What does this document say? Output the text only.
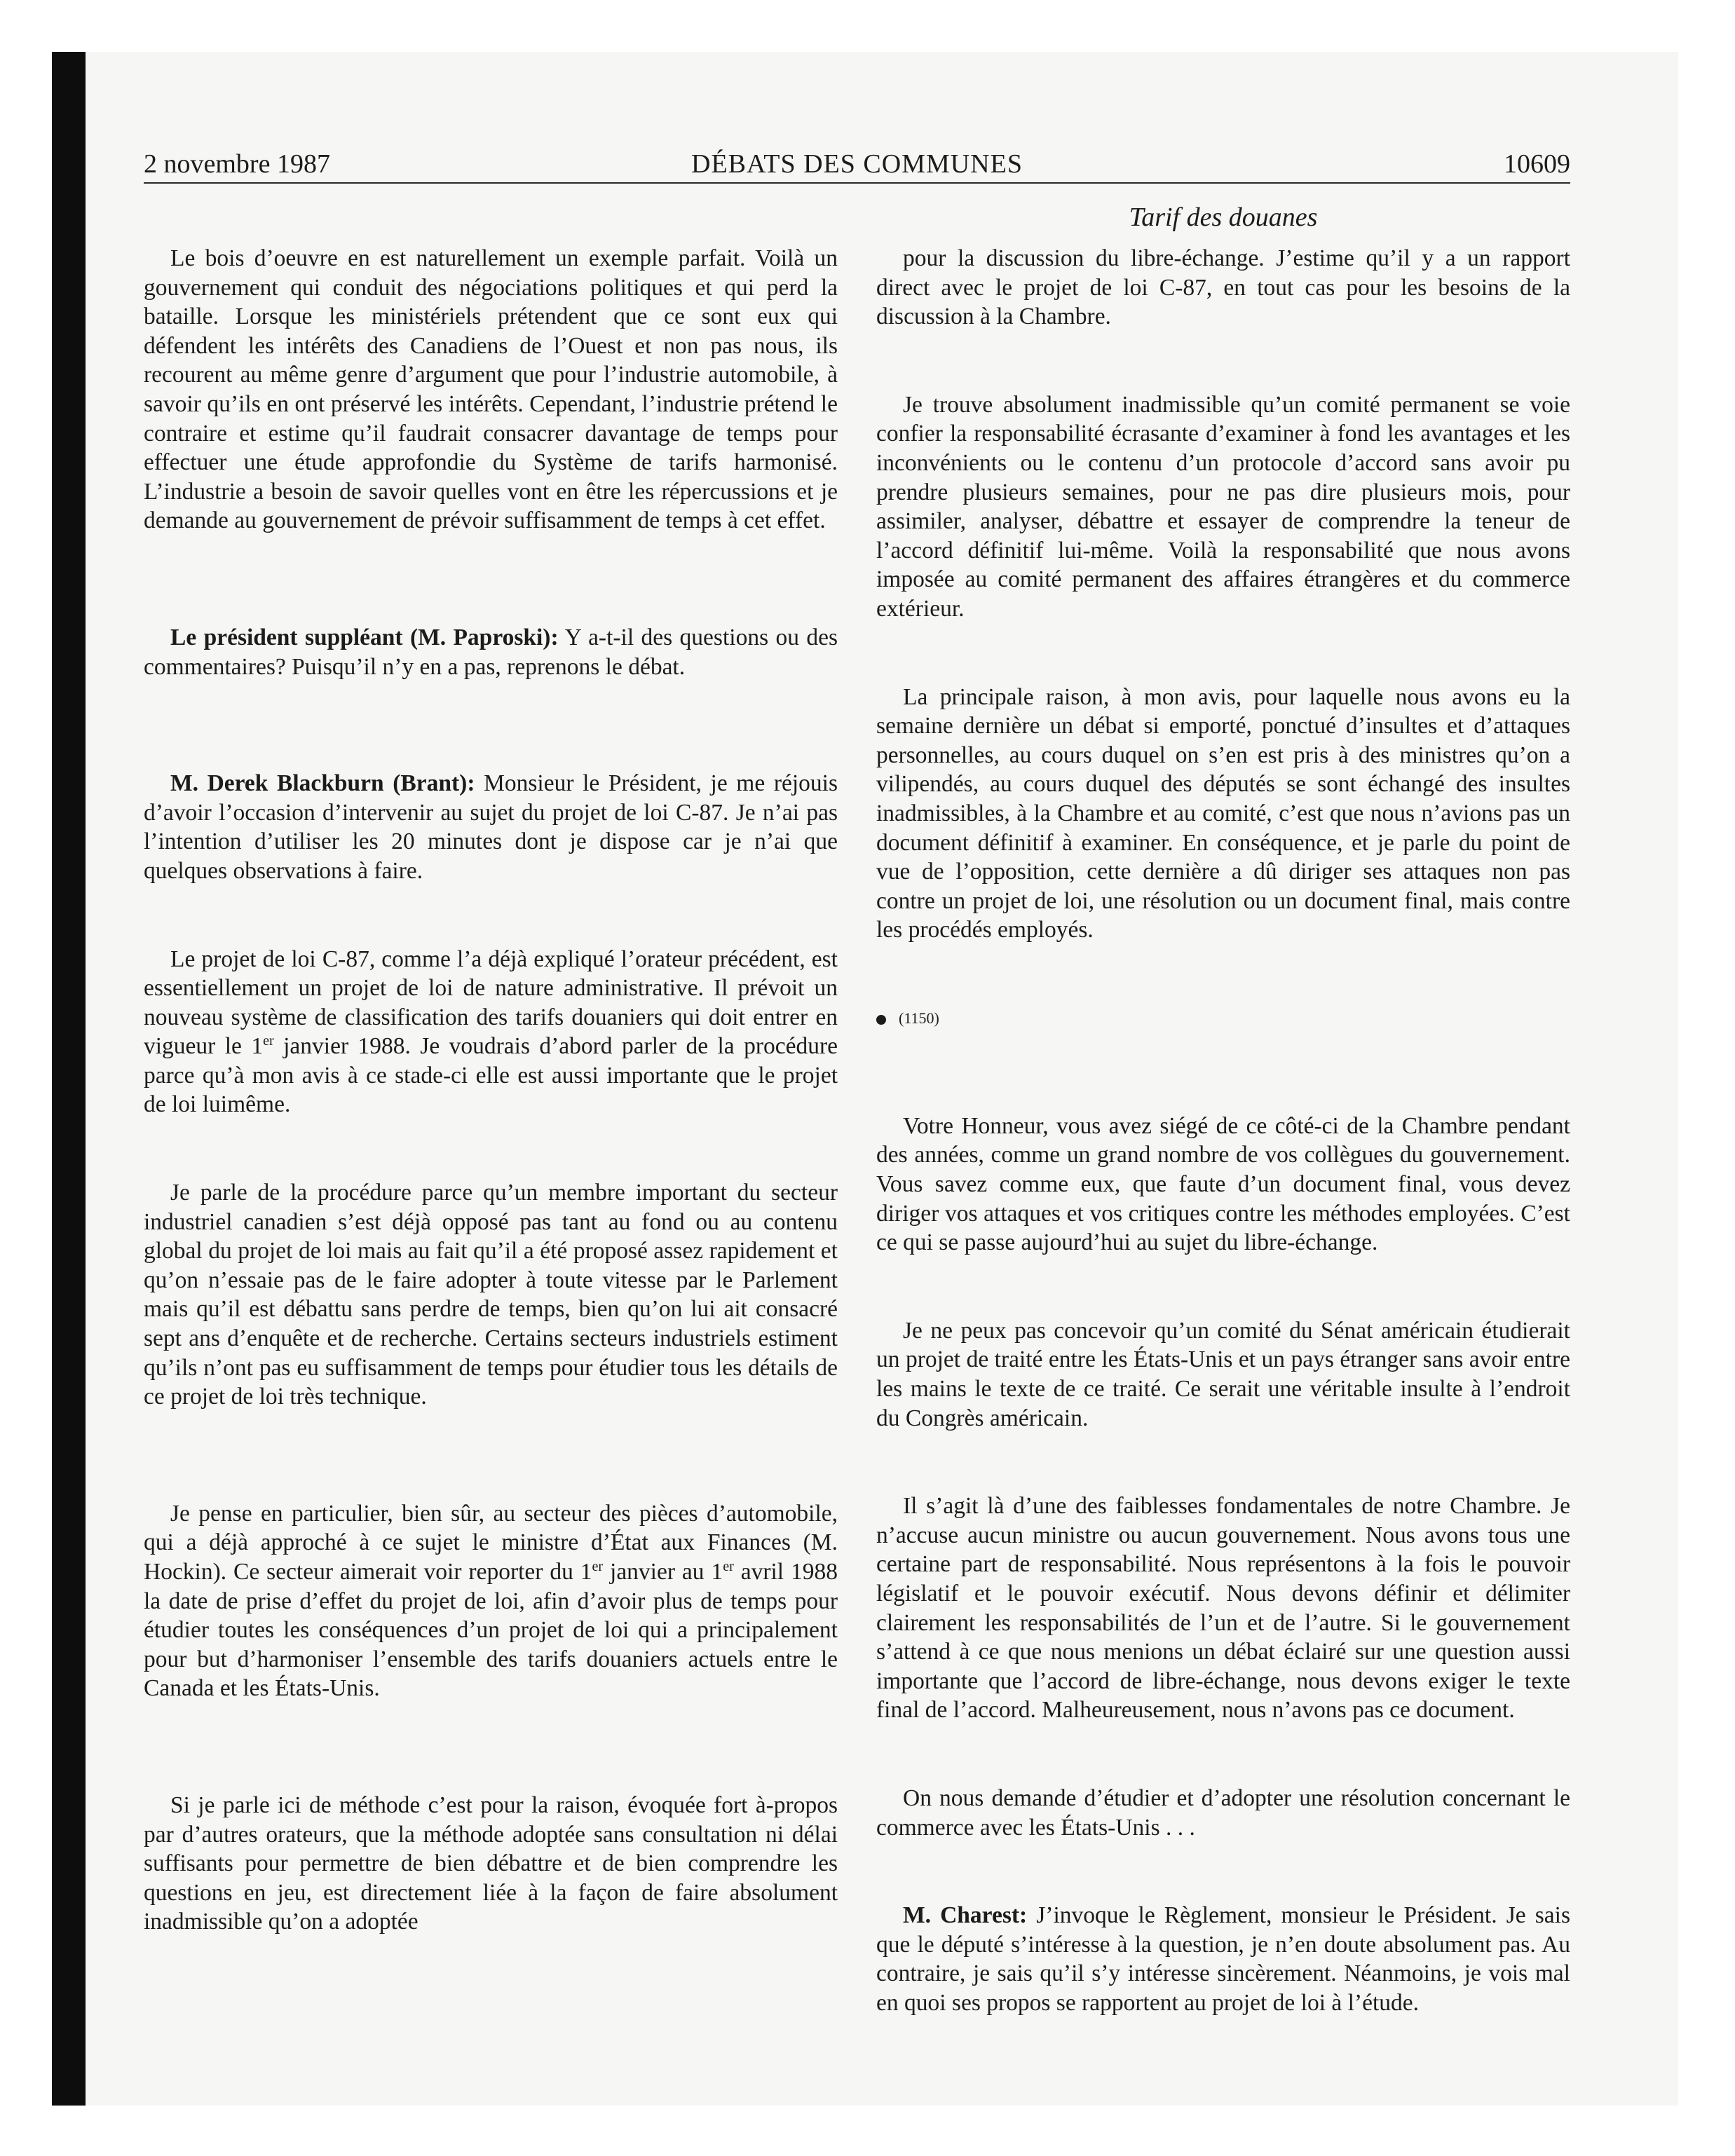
2 novembre 1987	DÉBATS DES COMMUNES	10609
Tarif des douanes

Le bois d’oeuvre en est naturellement un exemple parfait. Voilà un gouvernement qui conduit des négociations politiques et qui perd la bataille. Lorsque les ministériels prétendent que ce sont eux qui défendent les intérêts des Canadiens de l’Ouest et non pas nous, ils recourent au même genre d’argument que pour l’industrie automobile, à savoir qu’ils en ont préservé les intérêts. Cependant, l’industrie prétend le contraire et estime qu’il faudrait consacrer davantage de temps pour effectuer une étude approfondie du Système de tarifs harmonisé. L’industrie a besoin de savoir quelles vont en être les répercussions et je demande au gouvernement de prévoir suffisamment de temps à cet effet.

Le président suppléant (M. Paproski): Y a-t-il des questions ou des commentaires? Puisqu’il n’y en a pas, reprenons le débat.

M. Derek Blackburn (Brant): Monsieur le Président, je me réjouis d’avoir l’occasion d’intervenir au sujet du projet de loi C-87. Je n’ai pas l’intention d’utiliser les 20 minutes dont je dispose car je n’ai que quelques observations à faire.

Le projet de loi C-87, comme l’a déjà expliqué l’orateur précédent, est essentiellement un projet de loi de nature administrative. Il prévoit un nouveau système de classification des tarifs douaniers qui doit entrer en vigueur le 1er janvier 1988. Je voudrais d’abord parler de la procédure parce qu’à mon avis à ce stade-ci elle est aussi importante que le projet de loi luimême.

Je parle de la procédure parce qu’un membre important du secteur industriel canadien s’est déjà opposé pas tant au fond ou au contenu global du projet de loi mais au fait qu’il a été proposé assez rapidement et qu’on n’essaie pas de le faire adopter à toute vitesse par le Parlement mais qu’il est débattu sans perdre de temps, bien qu’on lui ait consacré sept ans d’enquête et de recherche. Certains secteurs industriels estiment qu’ils n’ont pas eu suffisamment de temps pour étudier tous les détails de ce projet de loi très technique.

Je pense en particulier, bien sûr, au secteur des pièces d’automobile, qui a déjà approché à ce sujet le ministre d’État aux Finances (M. Hockin). Ce secteur aimerait voir reporter du 1er janvier au 1er avril 1988 la date de prise d’effet du projet de loi, afin d’avoir plus de temps pour étudier toutes les conséquences d’un projet de loi qui a principalement pour but d’harmoniser l’ensemble des tarifs douaniers actuels entre le Canada et les États-Unis.

Si je parle ici de méthode c’est pour la raison, évoquée fort à-propos par d’autres orateurs, que la méthode adoptée sans consultation ni délai suffisants pour permettre de bien débattre et de bien comprendre les questions en jeu, est directement liée à la façon de faire absolument inadmissible qu’on a adoptée

pour la discussion du libre-échange. J’estime qu’il y a un rapport direct avec le projet de loi C-87, en tout cas pour les besoins de la discussion à la Chambre.

Je trouve absolument inadmissible qu’un comité permanent se voie confier la responsabilité écrasante d’examiner à fond les avantages et les inconvénients ou le contenu d’un protocole d’accord sans avoir pu prendre plusieurs semaines, pour ne pas dire plusieurs mois, pour assimiler, analyser, débattre et essayer de comprendre la teneur de l’accord définitif lui-même. Voilà la responsabilité que nous avons imposée au comité permanent des affaires étrangères et du commerce extérieur.

La principale raison, à mon avis, pour laquelle nous avons eu la semaine dernière un débat si emporté, ponctué d’insultes et d’attaques personnelles, au cours duquel on s’en est pris à des ministres qu’on a vilipendés, au cours duquel des députés se sont échangé des insultes inadmissibles, à la Chambre et au comité, c’est que nous n’avions pas un document définitif à examiner. En conséquence, et je parle du point de vue de l’opposition, cette dernière a dû diriger ses attaques non pas contre un projet de loi, une résolution ou un document final, mais contre les procédés employés.

(1150)

Votre Honneur, vous avez siégé de ce côté-ci de la Chambre pendant des années, comme un grand nombre de vos collègues du gouvernement. Vous savez comme eux, que faute d’un document final, vous devez diriger vos attaques et vos critiques contre les méthodes employées. C’est ce qui se passe aujourd’hui au sujet du libre-échange.

Je ne peux pas concevoir qu’un comité du Sénat américain étudierait un projet de traité entre les États-Unis et un pays étranger sans avoir entre les mains le texte de ce traité. Ce serait une véritable insulte à l’endroit du Congrès américain.

Il s’agit là d’une des faiblesses fondamentales de notre Chambre. Je n’accuse aucun ministre ou aucun gouvernement. Nous avons tous une certaine part de responsabilité. Nous représentons à la fois le pouvoir législatif et le pouvoir exécutif. Nous devons définir et délimiter clairement les responsabilités de l’un et de l’autre. Si le gouvernement s’attend à ce que nous menions un débat éclairé sur une question aussi importante que l’accord de libre-échange, nous devons exiger le texte final de l’accord. Malheureusement, nous n’avons pas ce document.

On nous demande d’étudier et d’adopter une résolution concernant le commerce avec les États-Unis . . .

M. Charest: J’invoque le Règlement, monsieur le Président. Je sais que le député s’intéresse à la question, je n’en doute absolument pas. Au contraire, je sais qu’il s’y intéresse sincèrement. Néanmoins, je vois mal en quoi ses propos se rapportent au projet de loi à l’étude.
